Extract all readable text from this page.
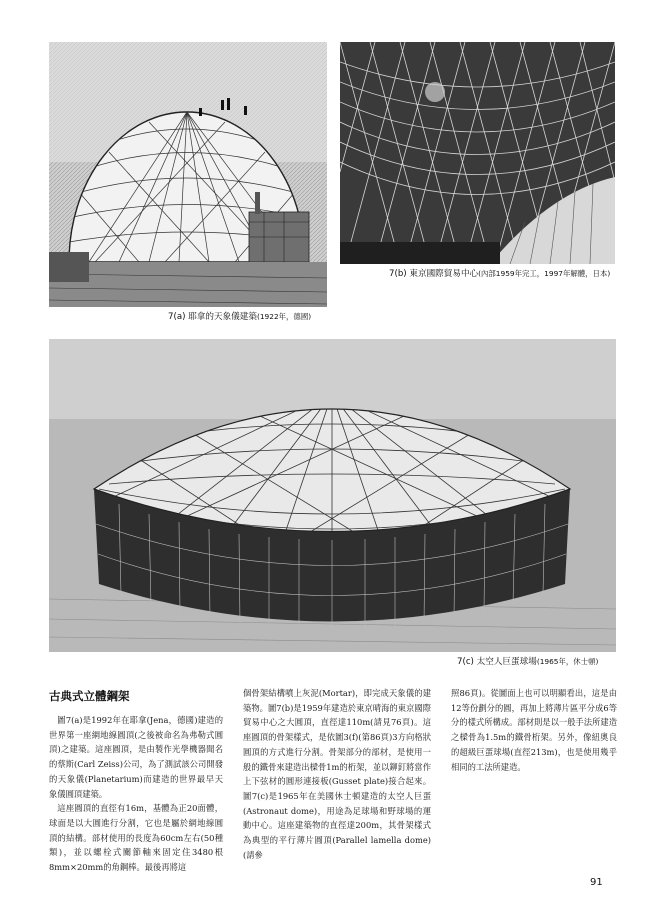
7(a) 耶拿的天象儀建築(1922年，德國)
7(b) 東京國際貿易中心(內部1959年完工，1997年解體，日本)
7(c) 太空人巨蛋球場(1965年，休士頓)
古典式立體鋼架

圖7(a)是1992年在耶拿(Jena，德國)建造的世界第一座網地線圓頂(之後被命名為弗勒式圓頂)之建築。這座圓頂，是由製作光學機器聞名的蔡斯(Carl Zeiss)公司，為了測試該公司開發的天象儀(Planetarium)而建造的世界最早天象儀圓頂建築。

這座圓頂的直徑有16m，基體為正20面體，球面是以大圓進行分割，它也是屬於網地線圓頂的結構。部材使用的長度為60cm左右(50種類)，並以螺栓式關節軸來固定住3480根8mm×20mm的角鋼棒。最後再將這

個骨架結構噴上灰泥(Mortar)，即完成天象儀的建築物。圖7(b)是1959年建造於東京晴海的東京國際貿易中心之大圓頂，直徑達110m(請見76頁)。這座圓頂的骨架樣式，是依圖3(f)(第86頁)3方向格狀圓頂的方式進行分割。骨架部分的部材，是使用一般的鐵骨來建造出樑骨1m的桁架，並以鉚釘將當作上下弦材的圓形連接板(Gusset plate)接合起來。圖7(c)是1965年在美國休士頓建造的太空人巨蛋(Astronaut dome)，用途為足球場和野球場的運動中心。這座建築物的直徑達200m，其骨架樣式為典型的平行薄片圓頂(Parallel lamella dome)(請參

照86頁)。從圖面上也可以明顯看出，這是由12等份劃分的圓，再加上將薄片區平分成6等分的樣式所構成。部材則是以一般手法所建造之樑骨為1.5m的鐵骨桁架。另外，像紐奧良的超級巨蛋球場(直徑213m)，也是使用幾乎相同的工法所建造。

91
